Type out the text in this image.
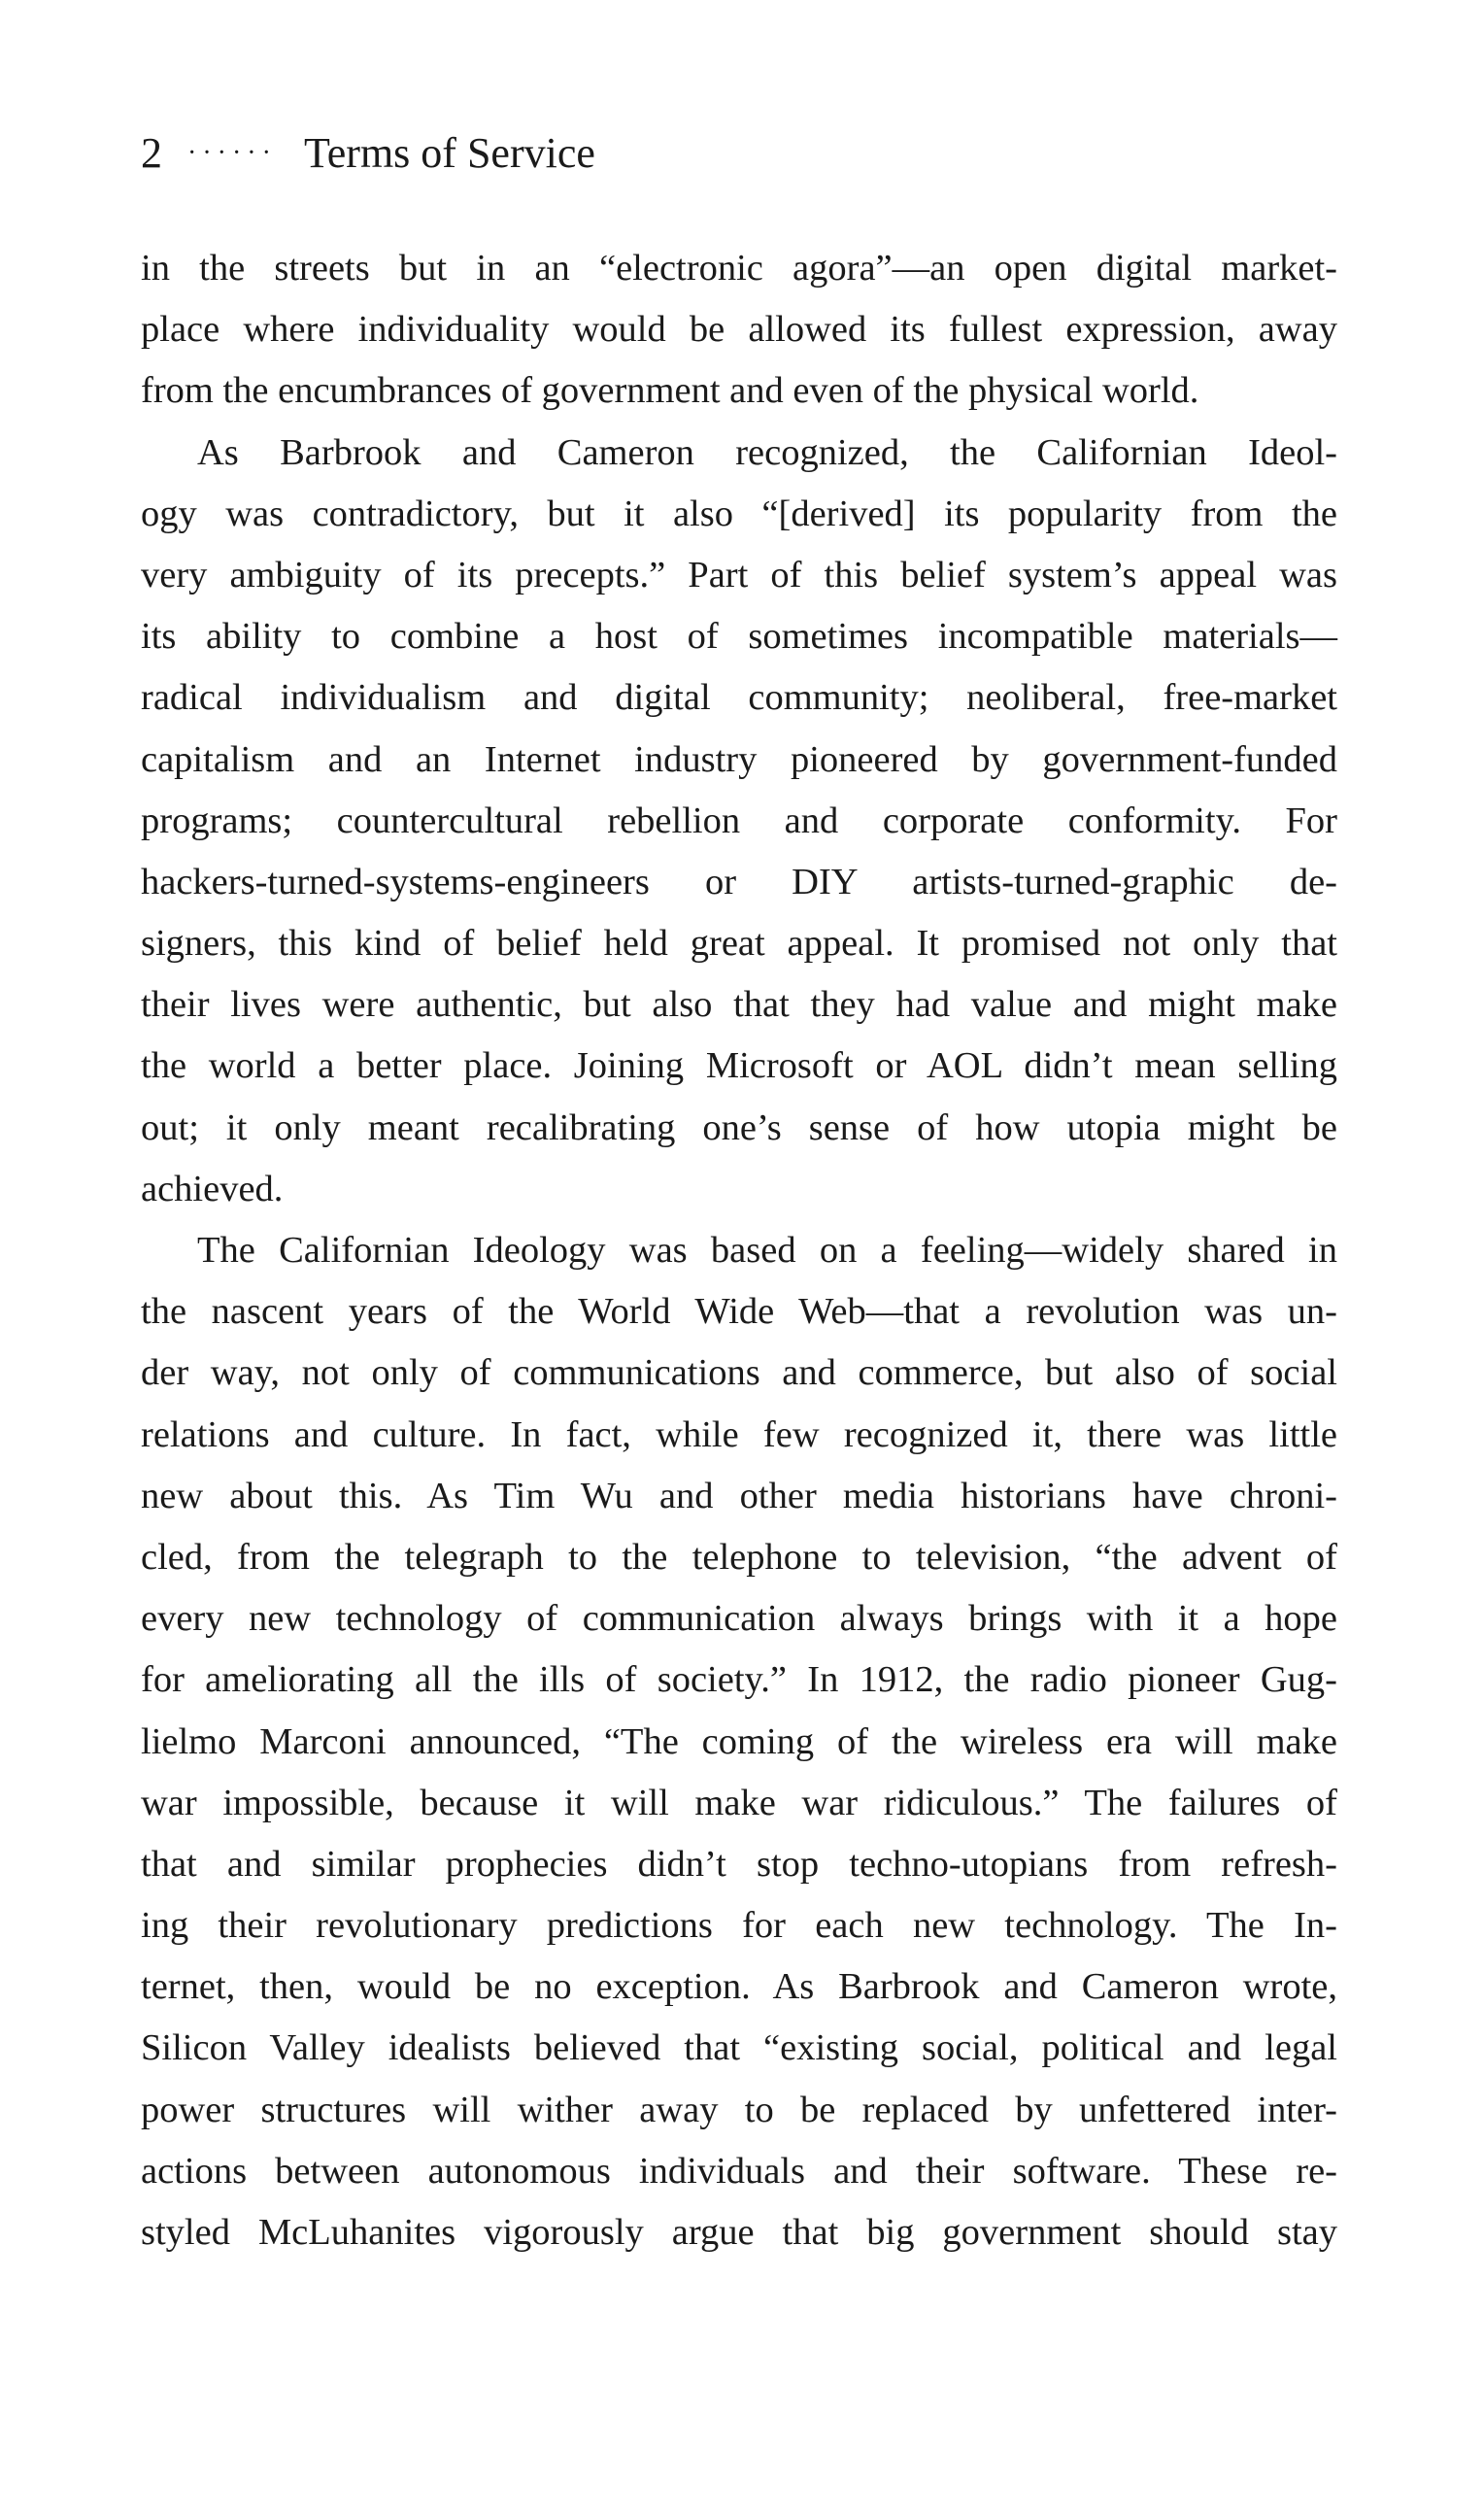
2 ······ Terms of Service
in the streets but in an “electronic agora”—an open digital market-
place where individuality would be allowed its fullest expression, away
from the encumbrances of government and even of the physical world.
As Barbrook and Cameron recognized, the Californian Ideol-
ogy was contradictory, but it also “[derived] its popularity from the
very ambiguity of its precepts.” Part of this belief system’s appeal was
its ability to combine a host of sometimes incompatible materials—
radical individualism and digital community; neoliberal, free-market
capitalism and an Internet industry pioneered by government-funded
programs; countercultural rebellion and corporate conformity. For
hackers-turned-systems-engineers or DIY artists-turned-graphic de-
signers, this kind of belief held great appeal. It promised not only that
their lives were authentic, but also that they had value and might make
the world a better place. Joining Microsoft or AOL didn’t mean selling
out; it only meant recalibrating one’s sense of how utopia might be
achieved.
The Californian Ideology was based on a feeling—widely shared in
the nascent years of the World Wide Web—that a revolution was un-
der way, not only of communications and commerce, but also of social
relations and culture. In fact, while few recognized it, there was little
new about this. As Tim Wu and other media historians have chroni-
cled, from the telegraph to the telephone to television, “the advent of
every new technology of communication always brings with it a hope
for ameliorating all the ills of society.” In 1912, the radio pioneer Gug-
lielmo Marconi announced, “The coming of the wireless era will make
war impossible, because it will make war ridiculous.” The failures of
that and similar prophecies didn’t stop techno-utopians from refresh-
ing their revolutionary predictions for each new technology. The In-
ternet, then, would be no exception. As Barbrook and Cameron wrote,
Silicon Valley idealists believed that “existing social, political and legal
power structures will wither away to be replaced by unfettered inter-
actions between autonomous individuals and their software. These re-
styled McLuhanites vigorously argue that big government should stay
